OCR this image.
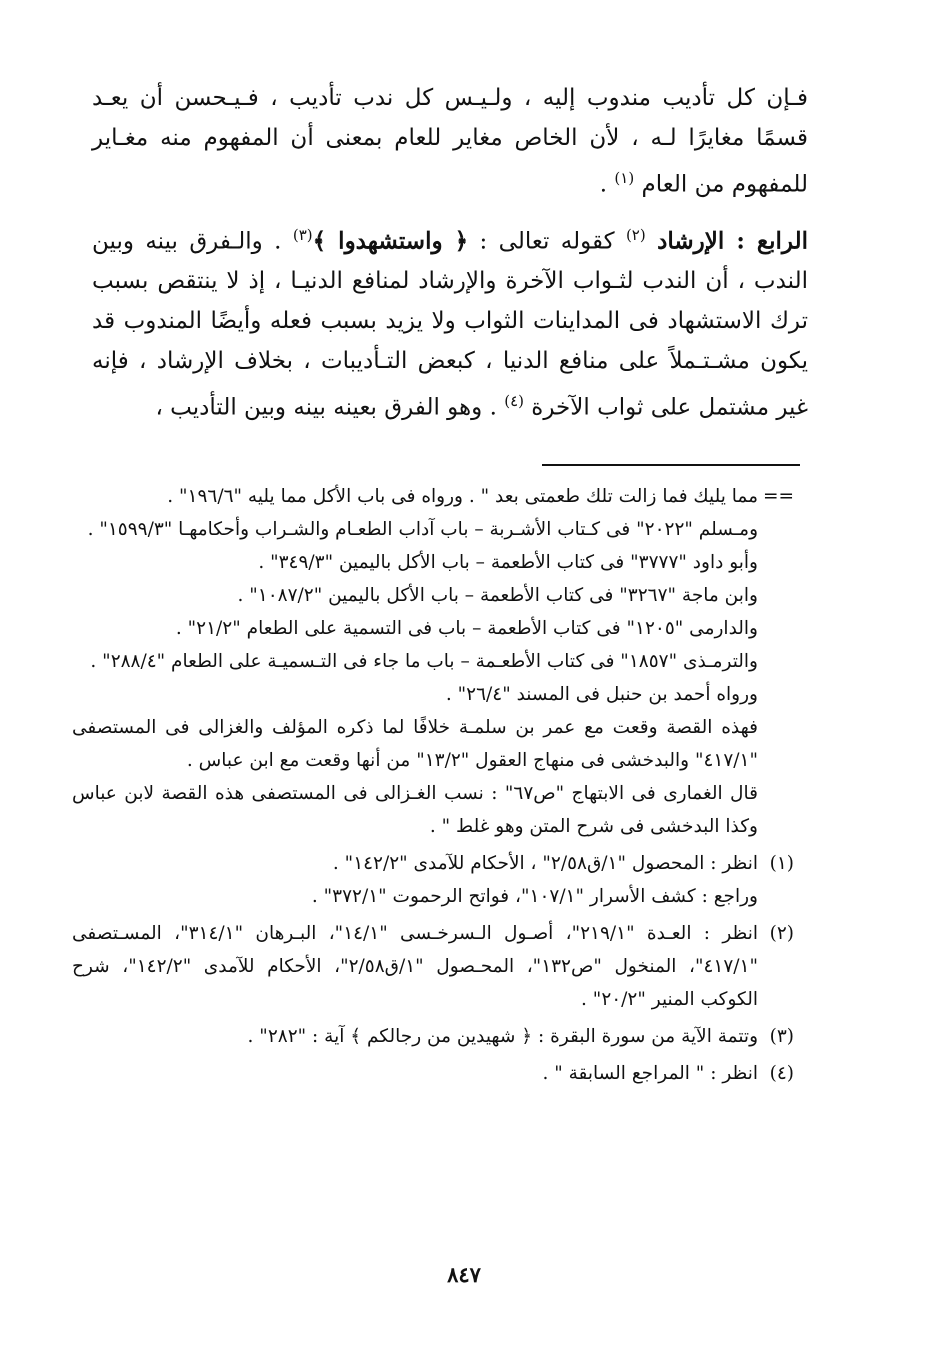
فـإن كل تأديب مندوب إليه ، ولـيـس كل ندب تأديب ، فـيـحسن أن يعـد قسمًا مغايرًا لـه ، لأن الخاص مغاير للعام بمعنى أن المفهوم منه مغـاير للمفهوم من العام $^{(١)}$ .

الرابع : الإرشاد $^{(٢)}$ كقوله تعالى : ﴿ واستشهدوا ﴾$^{(٣)}$ . والـفرق بينه وبين الندب ، أن الندب لثـواب الآخرة والإرشاد لمنافع الدنيـا ، إذ لا ينتقص بسبب ترك الاستشهاد فى المداينات الثواب ولا يزيد بسبب فعله وأيضًا المندوب قد يكون مشـتـملاً على منافع الدنيا ، كبعض التـأديبات ، بخلاف الإرشاد ، فإنه غير مشتمل على ثواب الآخرة $^{(٤)}$ . وهو الفرق بعينه بينه وبين التأديب ،

==
مما يليك فما زالت تلك طعمتى بعد " . ورواه فى باب الأكل مما يليه "١٩٦/٦" .
ومـسلم "٢٠٢٢" فى كـتاب الأشـربة – باب آداب الطعـام والشـراب وأحكامهـا "١٥٩٩/٣" .
وأبو داود "٣٧٧٧" فى كتاب الأطعمة – باب الأكل باليمين "٣٤٩/٣" .
وابن ماجة "٣٢٦٧" فى كتاب الأطعمة – باب الأكل باليمين "١٠٨٧/٢" .
والدارمى "١٢٠٥" فى كتاب الأطعمة – باب فى التسمية على الطعام "٢١/٢" .
والترمـذى "١٨٥٧" فى كتاب الأطعـمة – باب ما جاء فى التـسميـة على الطعام "٢٨٨/٤" .
ورواه أحمد بن حنبل فى المسند "٢٦/٤" .
فهذه القصة وقعت مع عمر بن سلمـة خلافًا لما ذكره المؤلف والغزالى فى المستصفى "٤١٧/١" والبدخشى فى منهاج العقول "١٣/٢" من أنها وقعت مع ابن عباس .
قال الغمارى فى الابتهاج "ص٦٧" : نسب الغـزالى فى المستصفى هذه القصة لابن عباس وكذا البدخشى فى شرح المتن وهو غلط " .
(١)
انظر : المحصول "١/ق٢/٥٨" ، الأحكام للآمدى "١٤٢/٢" .
وراجع : كشف الأسرار "١٠٧/١"، فواتح الرحموت "٣٧٢/١" .
(٢)
انظر : العـدة "٢١٩/١"، أصـول الـسرخـسى "١٤/١"، البـرهان "٣١٤/١"، المسـتصفى "٤١٧/١"، المنخول "ص١٣٢"، المحـصول "١/ق٢/٥٨"، الأحكام للآمدى "١٤٢/٢"، شرح الكوكب المنير "٢٠/٢" .
(٣)
وتتمة الآية من سورة البقرة : ﴿ شهيدين من رجالكم ﴾ آية : "٢٨٢" .
(٤)
انظر : " المراجع السابقة " .
٨٤٧
